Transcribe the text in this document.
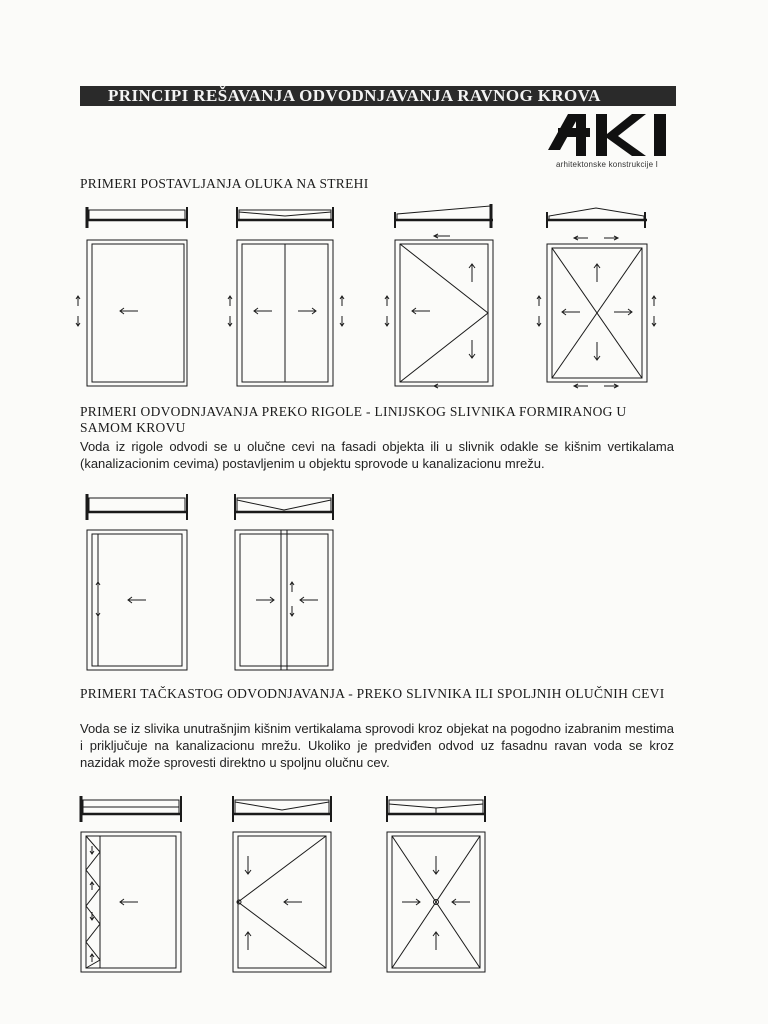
PRINCIPI REŠAVANJA ODVODNJAVANJA RAVNOG KROVA
arhitektonske konstrukcije I
PRIMERI POSTAVLJANJA OLUKA NA STREHI
PRIMERI ODVODNJAVANJA PREKO RIGOLE - LINIJSKOG SLIVNIKA FORMIRANOG U SAMOM KROVU
Voda iz rigole odvodi se u olučne cevi na fasadi objekta ili u slivnik odakle se kišnim vertikalama (kanalizacionim cevima) postavljenim u objektu sprovode u kanalizacionu mrežu.
PRIMERI TAČKASTOG ODVODNJAVANJA - PREKO SLIVNIKA ILI SPOLJNIH OLUČNIH CEVI
Voda se iz slivika unutrašnjim kišnim vertikalama sprovodi kroz objekat na pogodno izabranim mestima i priključuje na kanalizacionu mrežu. Ukoliko je predviđen odvod uz fasadnu ravan voda se kroz nazidak može sprovesti direktno u spoljnu olučnu cev.
